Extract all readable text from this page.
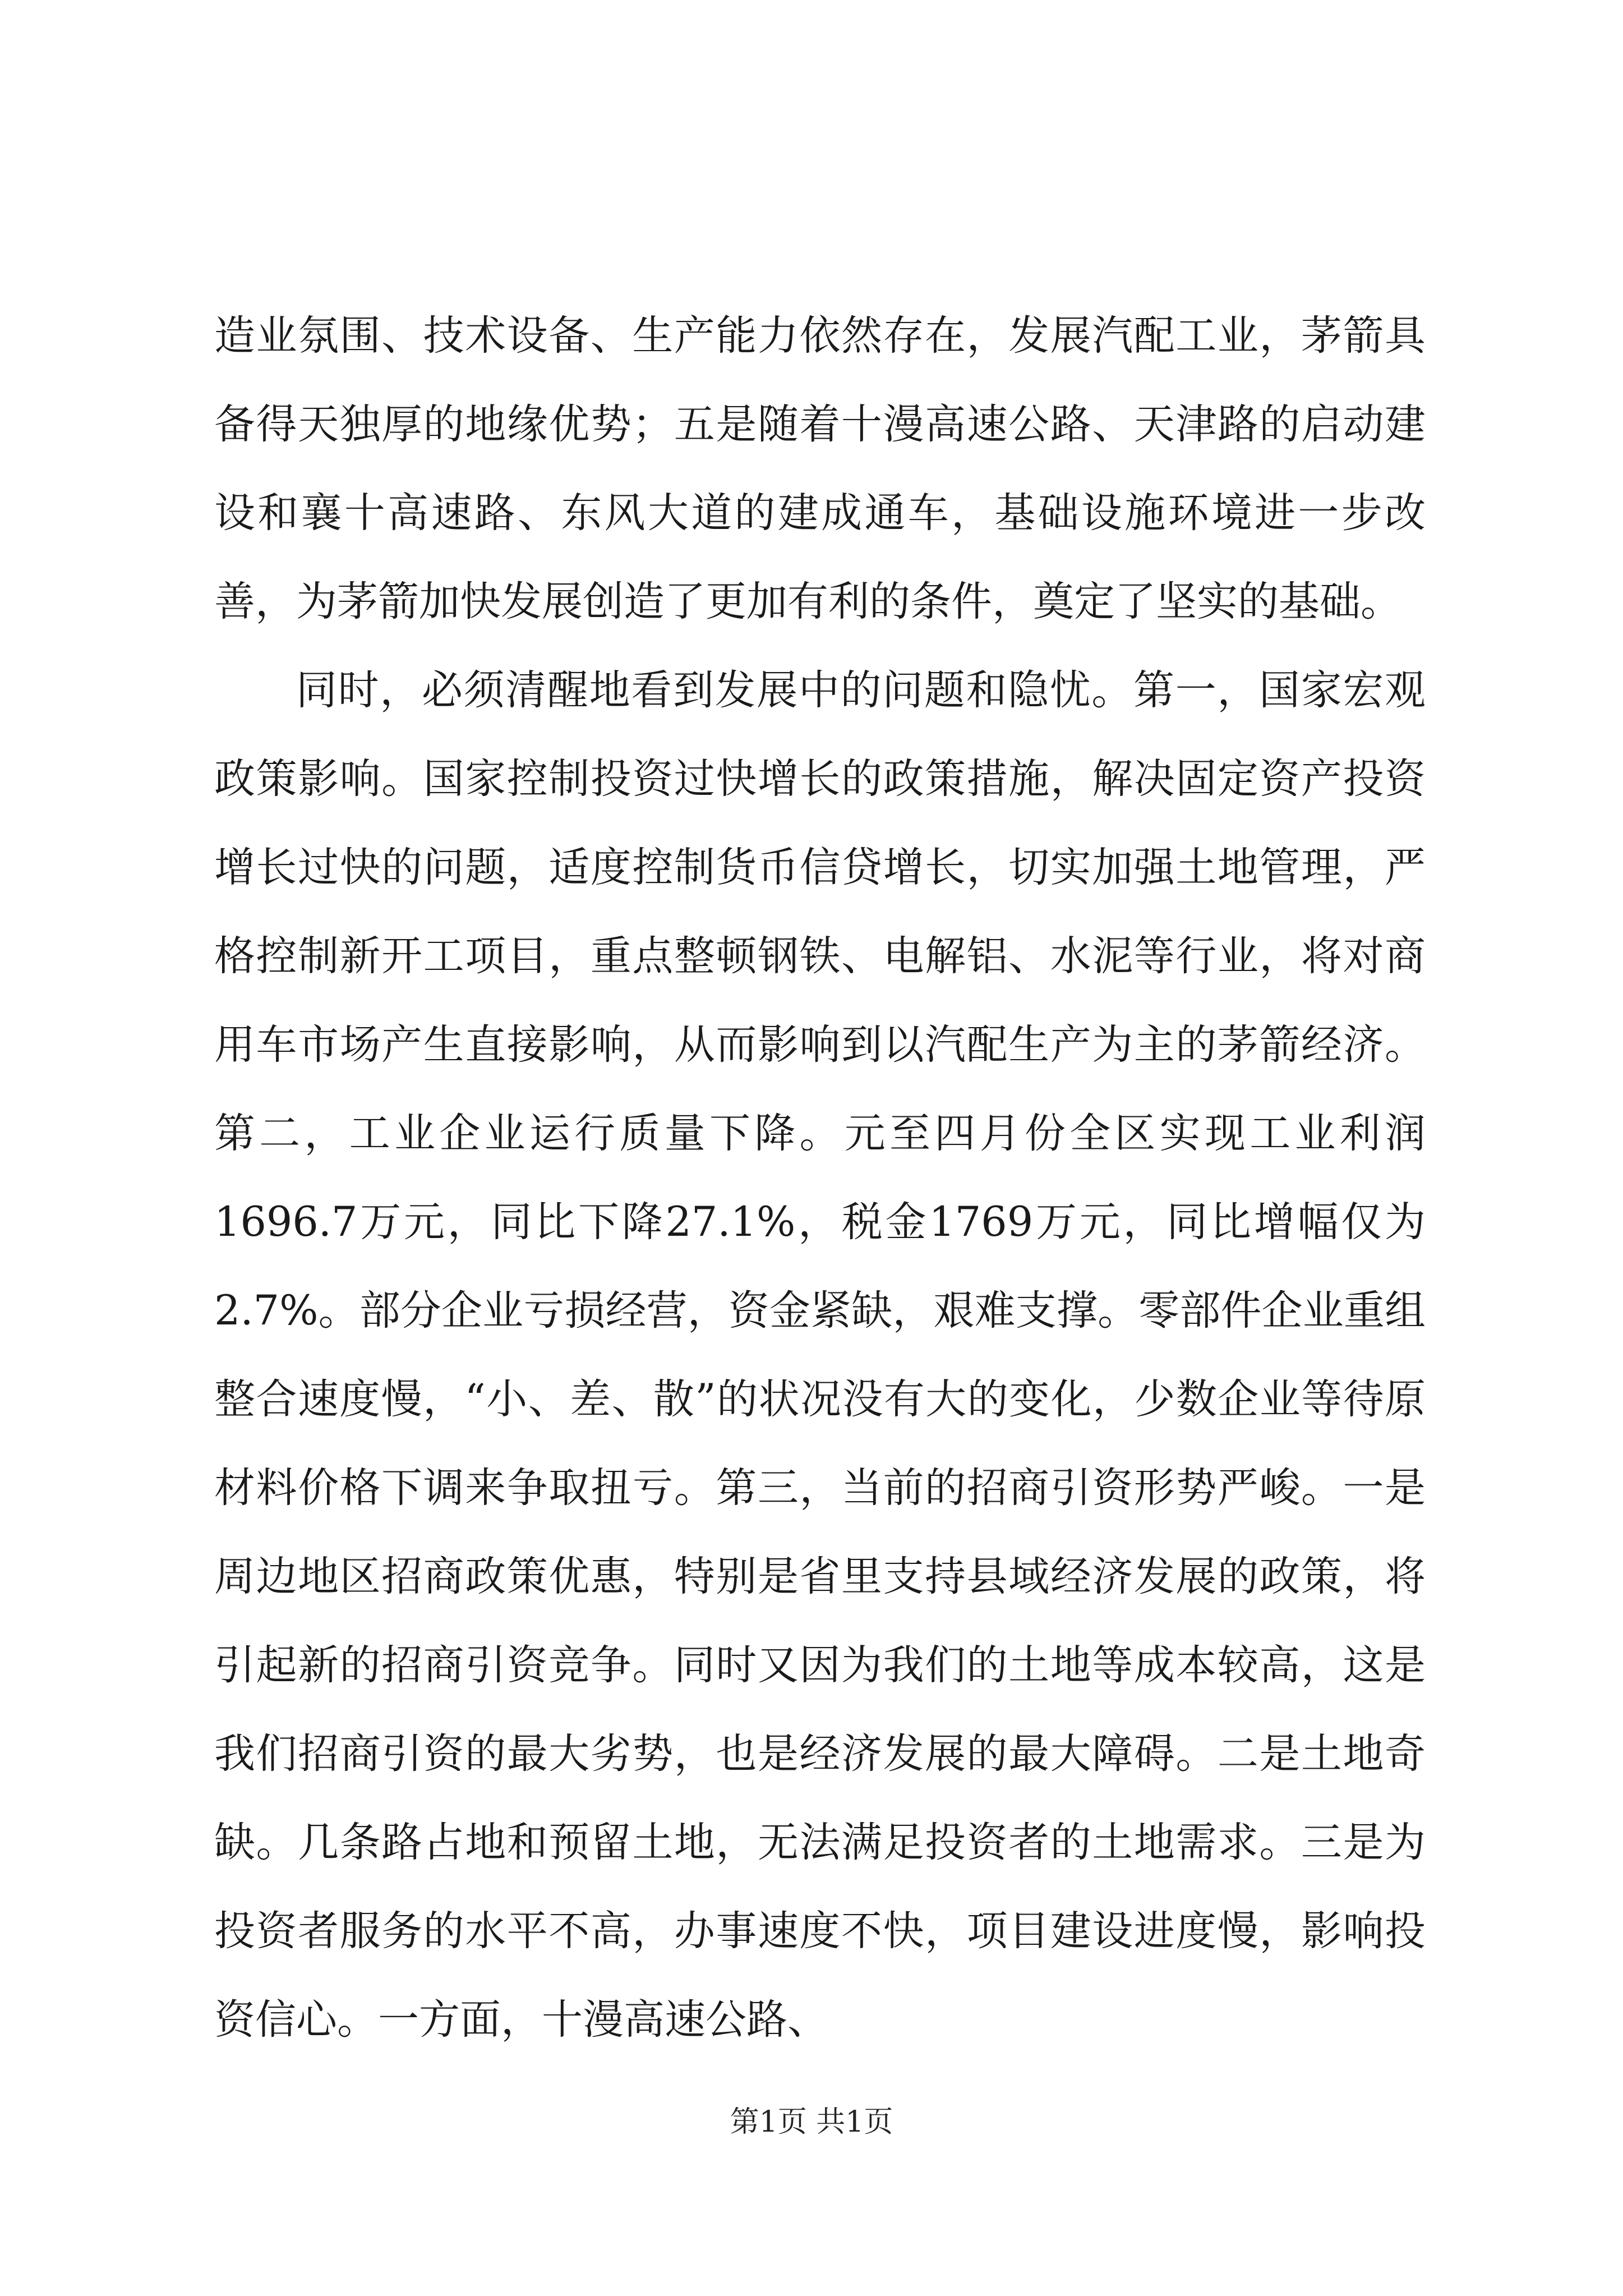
造业氛围、技术设备、生产能力依然存在，发展汽配工业，茅箭具备得天独厚的地缘优势；五是随着十漫高速公路、天津路的启动建设和襄十高速路、东风大道的建成通车，基础设施环境进一步改善，为茅箭加快发展创造了更加有利的条件，奠定了坚实的基础。

同时，必须清醒地看到发展中的问题和隐忧。第一，国家宏观政策影响。国家控制投资过快增长的政策措施，解决固定资产投资增长过快的问题，适度控制货币信贷增长，切实加强土地管理，严格控制新开工项目，重点整顿钢铁、电解铝、水泥等行业，将对商用车市场产生直接影响，从而影响到以汽配生产为主的茅箭经济。第二，工业企业运行质量下降。元至四月份全区实现工业利润1696.7万元，同比下降27.1%，税金1769万元，同比增幅仅为2.7%。部分企业亏损经营，资金紧缺，艰难支撑。零部件企业重组整合速度慢，“小、差、散”的状况没有大的变化，少数企业等待原材料价格下调来争取扭亏。第三，当前的招商引资形势严峻。一是周边地区招商政策优惠，特别是省里支持县域经济发展的政策，将引起新的招商引资竞争。同时又因为我们的土地等成本较高，这是我们招商引资的最大劣势，也是经济发展的最大障碍。二是土地奇缺。几条路占地和预留土地，无法满足投资者的土地需求。三是为投资者服务的水平不高，办事速度不快，项目建设进度慢，影响投资信心。一方面，十漫高速公路、

第1页 共1页
